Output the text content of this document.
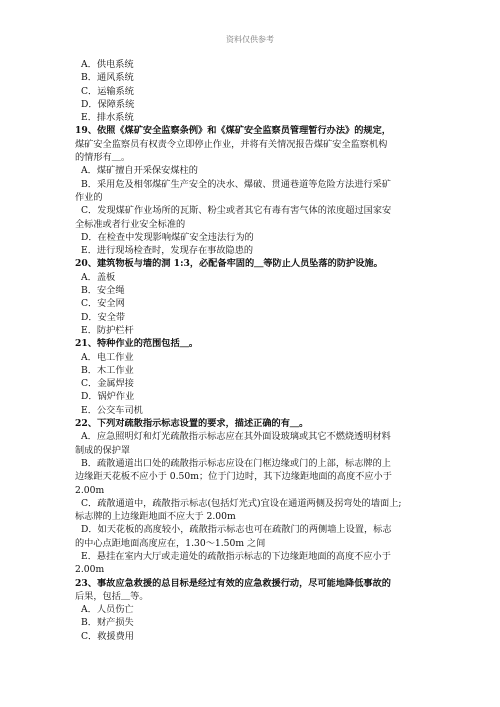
资料仅供参考
A．供电系统
B．通风系统
C．运输系统
D．保障系统
E．排水系统
19、依照《煤矿安全监察条例》和《煤矿安全监察员管理暂行办法》的规定，
煤矿安全监察员有权责令立即停止作业，并将有关情况报告煤矿安全监察机构
的情形有＿。
A．煤矿擅自开采保安煤柱的
B．采用危及相邻煤矿生产安全的决水、爆破、贯通巷道等危险方法进行采矿
作业的
C．发现煤矿作业场所的瓦斯、粉尘或者其它有毒有害气体的浓度超过国家安
全标准或者行业安全标准的
D．在检查中发现影响煤矿安全违法行为的
E．进行现场检查时，发现存在事故隐患的
20、建筑物板与墙的洞 1:3，必配备牢固的＿等防止人员坠落的防护设施。
A．盖板
B．安全绳
C．安全网
D．安全带
E．防护栏杆
21、特种作业的范围包括＿。
A．电工作业
B．木工作业
C．金属焊接
D．锅炉作业
E．公交车司机
22、下列对疏散指示标志设置的要求，描述正确的有＿。
A．应急照明灯和灯光疏散指示标志应在其外面设玻璃或其它不燃烧透明材料
制成的保护罩
B．疏散通道出口处的疏散指示标志应设在门框边缘或门的上部，标志牌的上
边缘距天花板不应小于 0.50m；位于门边时，其下边缘距地面的高度不应小于
2.00m
C．疏散通道中，疏散指示标志(包括灯光式)宜设在通道两侧及拐弯处的墙面上;
标志牌的上边缘距地面不应大于 2.00m
D．如天花板的高度较小，疏散指示标志也可在疏散门的两侧墙上设置，标志
的中心点距地面高度应在，1.30～1.50m 之间
E．悬挂在室内大厅或走道处的疏散指示标志的下边缘距地面的高度不应小于
2.00m
23、事故应急救援的总目标是经过有效的应急救援行动，尽可能地降低事故的
后果，包括＿等。
A．人员伤亡
B．财产损失
C．救援费用
